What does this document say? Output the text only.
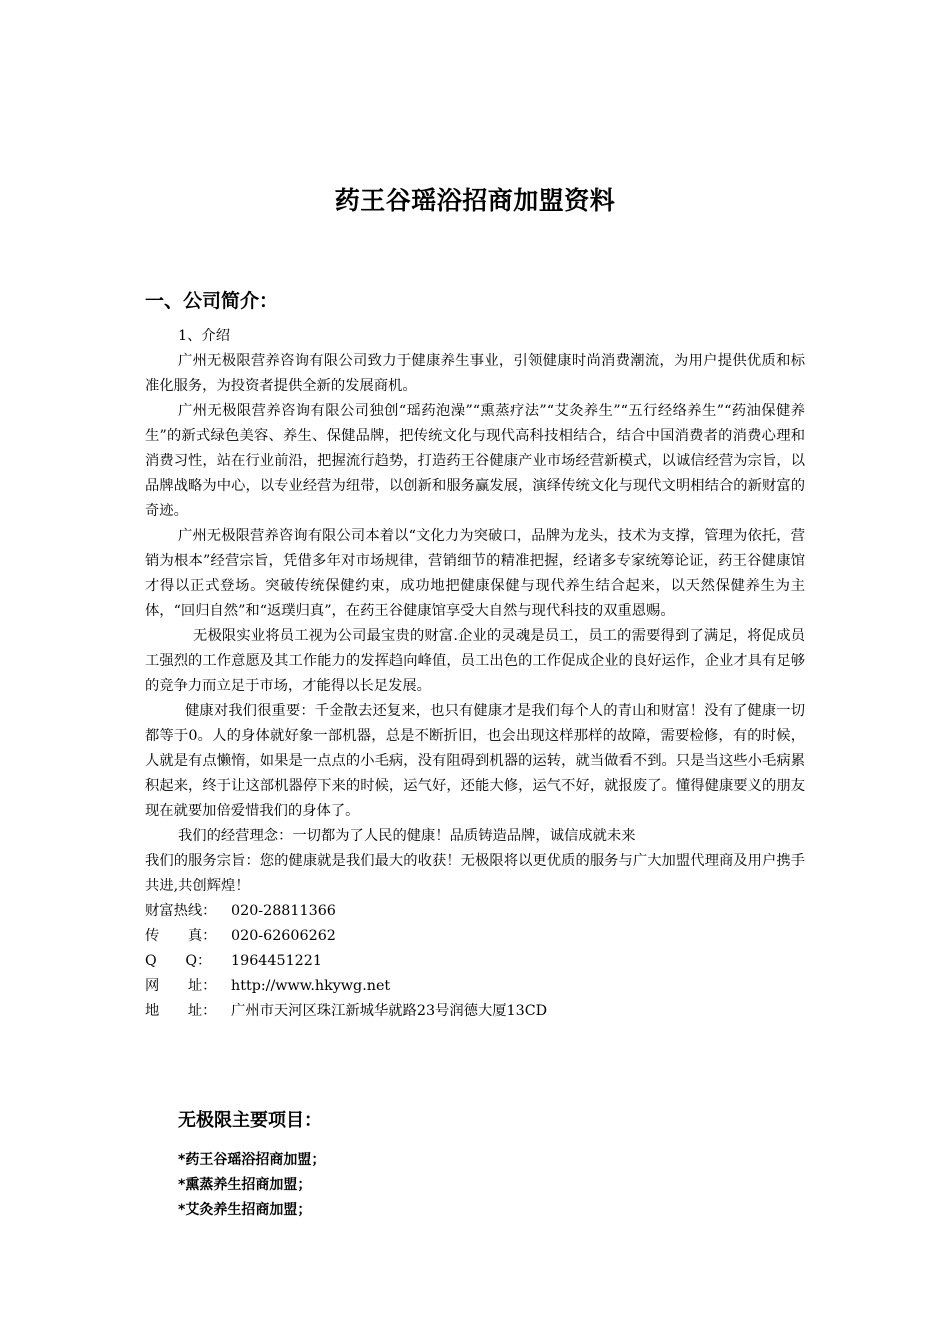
药王谷瑶浴招商加盟资料
一、公司简介：

1、介绍

广州无极限营养咨询有限公司致力于健康养生事业，引领健康时尚消费潮流，为用户提供优质和标准化服务，为投资者提供全新的发展商机。

广州无极限营养咨询有限公司独创“瑶药泡澡”“熏蒸疗法”“艾灸养生”“五行经络养生”“药油保健养生”的新式绿色美容、养生、保健品牌，把传统文化与现代高科技相结合，结合中国消费者的消费心理和消费习性，站在行业前沿，把握流行趋势，打造药王谷健康产业市场经营新模式，以诚信经营为宗旨，以品牌战略为中心，以专业经营为纽带，以创新和服务赢发展，演绎传统文化与现代文明相结合的新财富的奇迹。

广州无极限营养咨询有限公司本着以“文化力为突破口，品牌为龙头，技术为支撑，管理为依托，营销为根本”经营宗旨，凭借多年对市场规律，营销细节的精准把握，经诸多专家统筹论证，药王谷健康馆才得以正式登场。突破传统保健约束，成功地把健康保健与现代养生结合起来，以天然保健养生为主体，“回归自然”和“返璞归真”，在药王谷健康馆享受大自然与现代科技的双重恩赐。

无极限实业将员工视为公司最宝贵的财富.企业的灵魂是员工，员工的需要得到了满足，将促成员工强烈的工作意愿及其工作能力的发挥趋向峰值，员工出色的工作促成企业的良好运作，企业才具有足够的竞争力而立足于市场，才能得以长足发展。

健康对我们很重要：千金散去还复来，也只有健康才是我们每个人的青山和财富！没有了健康一切都等于0。人的身体就好象一部机器，总是不断折旧，也会出现这样那样的故障，需要检修，有的时候，人就是有点懒惰，如果是一点点的小毛病，没有阻碍到机器的运转，就当做看不到。只是当这些小毛病累积起来，终于让这部机器停下来的时候，运气好，还能大修，运气不好，就报废了。懂得健康要义的朋友现在就要加倍爱惜我们的身体了。

我们的经营理念：一切都为了人民的健康！品质铸造品牌，诚信成就未来

我们的服务宗旨：您的健康就是我们最大的收获！无极限将以更优质的服务与广大加盟代理商及用户携手共进,共创辉煌！

财富热线：	020-28811366
传　　真：	020-62606262
Q　　Q：	1964451221
网　　址：	http://www.hkywg.net
地　　址：	广州市天河区珠江新城华就路23号润德大厦13CD
无极限主要项目：
*药王谷瑶浴招商加盟；
*熏蒸养生招商加盟；
*艾灸养生招商加盟；
